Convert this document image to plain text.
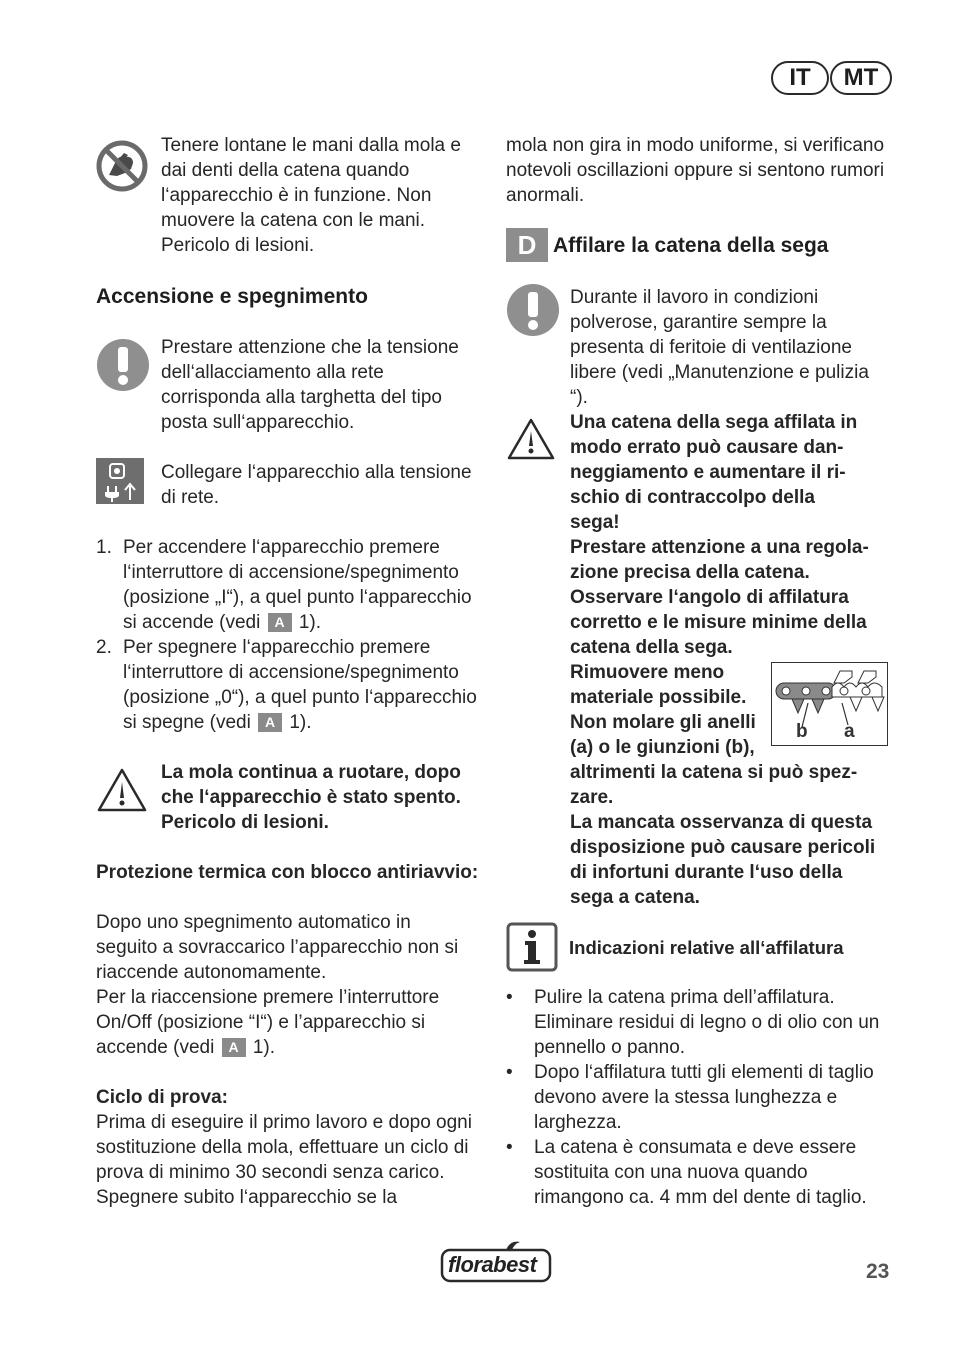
IT	MT

Tenere lontane le mani dalla mola e dai denti della catena quando l‘apparecchio è in funzione. Non muovere la catena con le mani. Pericolo di lesioni.

Accensione e spegnimento

Prestare attenzione che la tensione dell‘allacciamento alla rete corrisponda alla targhetta del tipo posta sull‘apparecchio.

Collegare l‘apparecchio alla tensione di rete.

1. Per accendere l‘apparecchio premere l‘interruttore di accensione/spegnimento (posizione „I“), a quel punto l‘apparecchio si accende (vedi A 1).
2. Per spegnere l‘apparecchio premere l‘interruttore di accensione/spegnimento (posizione „0“), a quel punto l‘apparecchio si spegne (vedi A 1).

La mola continua a ruotare, dopo che l‘apparecchio è stato spento. Pericolo di lesioni.

Protezione termica con blocco antiriavvio:

Dopo uno spegnimento automatico in seguito a sovraccarico l’apparecchio non si riaccende autonomamente.

Per la riaccensione premere l’interruttore On/Off (posizione “I“) e l’apparecchio si accende (vedi A 1).

Ciclo di prova:

Prima di eseguire il primo lavoro e dopo ogni sostituzione della mola, effettuare un ciclo di prova di minimo 30 secondi senza carico. Spegnere subito l‘apparecchio se la

mola non gira in modo uniforme, si verificano notevoli oscillazioni oppure si sentono rumori anormali.

D Affilare la catena della sega

Durante il lavoro in condizioni polverose, garantire sempre la presenta di feritoie di ventilazione libere (vedi „Manutenzione e pulizia “).

Una catena della sega affilata in
modo errato può causare dan-
neggiamento e aumentare il ri-
schio di contraccolpo della
sega!
Prestare attenzione a una regola-
zione precisa della catena.
Osservare l‘angolo di affilatura
corretto e le misure minime della
catena della sega.
Rimuovere meno
materiale possibile.
Non molare gli anelli
(a) o le giunzioni (b),
altrimenti la catena si può spez-
zare.
La mancata osservanza di questa
disposizione può causare pericoli
di infortuni durante l‘uso della
sega a catena.
b a
Indicazioni relative all‘affilatura
• Pulire la catena prima dell’affilatura. Eliminare residui di legno o di olio con un pennello o panno.
• Dopo l‘affilatura tutti gli elementi di taglio devono avere la stessa lunghezza e larghezza.
• La catena è consumata e deve essere sostituita con una nuova quando rimangono ca. 4 mm del dente di taglio.
florabest	23
